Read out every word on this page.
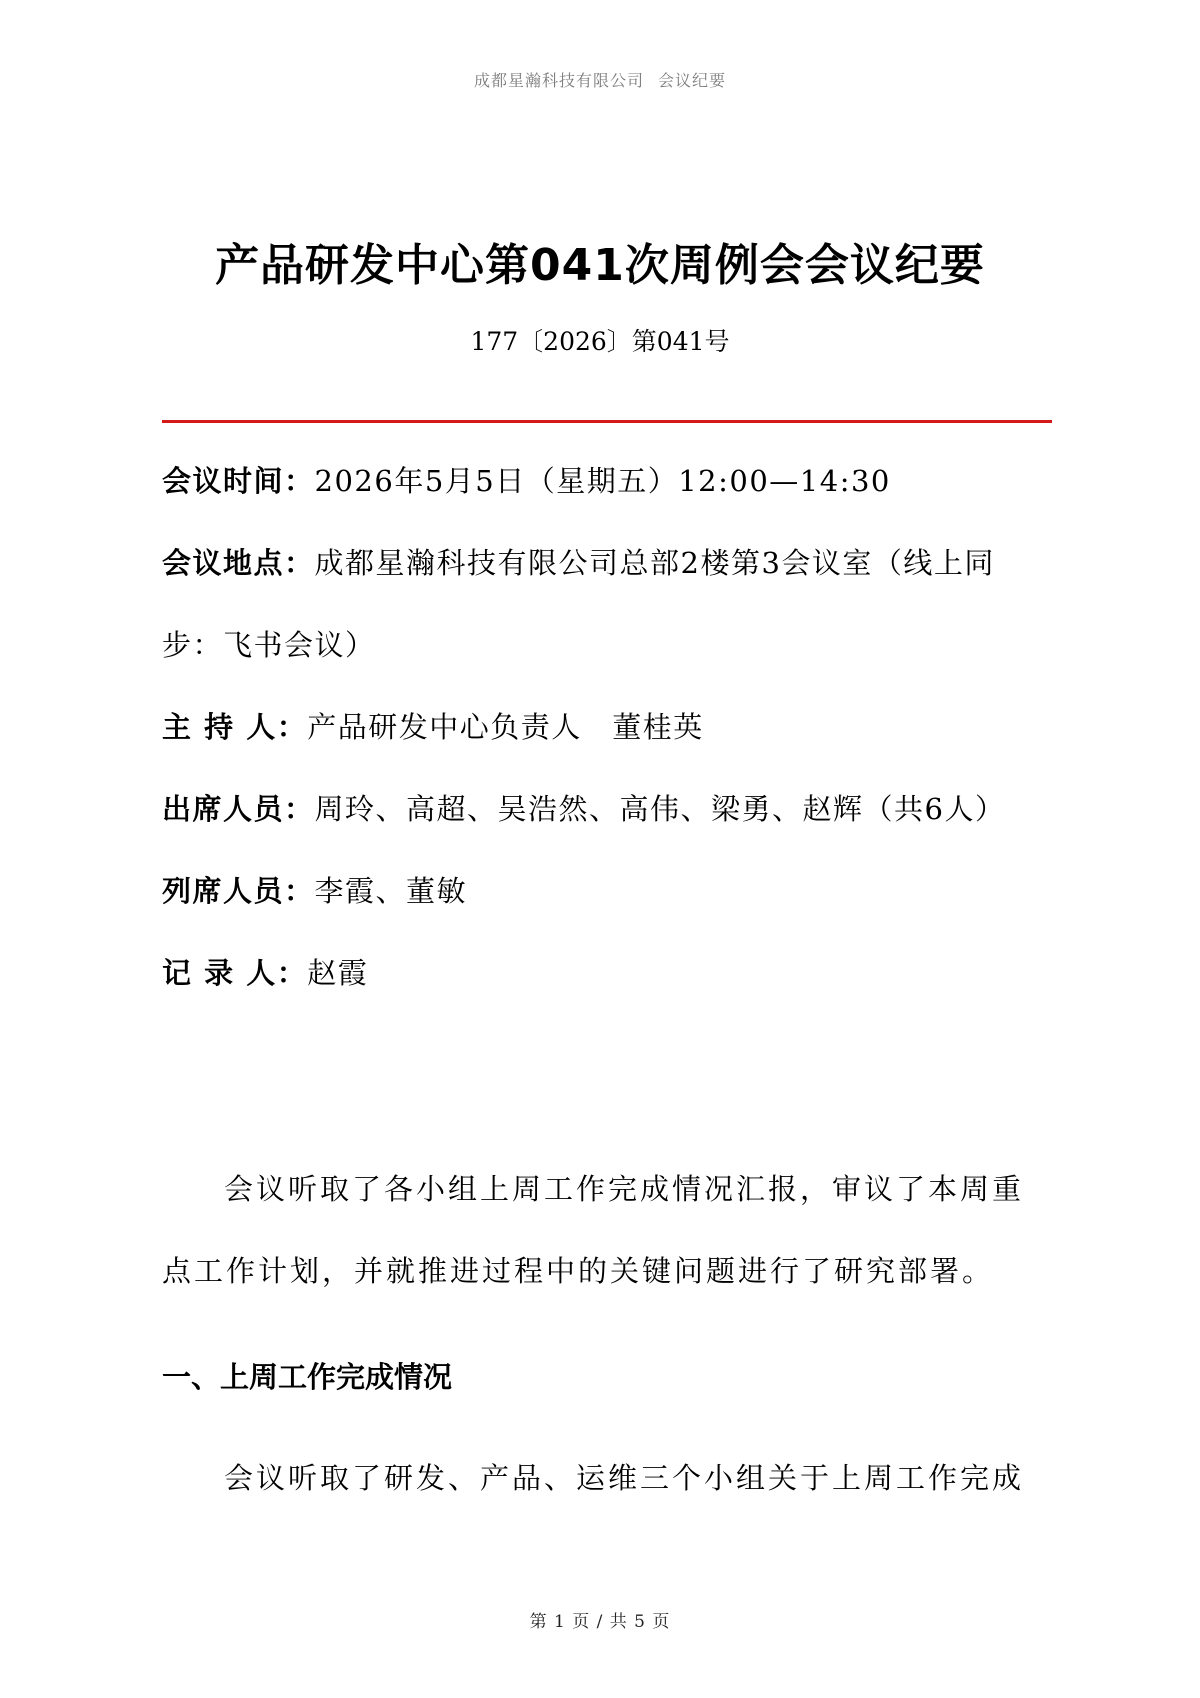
成都星瀚科技有限公司 会议纪要
产品研发中心第041次周例会会议纪要
177〔2026〕第041号

会议时间：2026年5月5日（星期五）12:00—14:30

会议地点：成都星瀚科技有限公司总部2楼第3会议室（线上同步：飞书会议）

主 持 人：产品研发中心负责人　董桂英

出席人员：周玲、高超、吴浩然、高伟、梁勇、赵辉（共6人）

列席人员：李霞、董敏

记 录 人：赵霞

会议听取了各小组上周工作完成情况汇报，审议了本周重点工作计划，并就推进过程中的关键问题进行了研究部署。

一、上周工作完成情况

会议听取了研发、产品、运维三个小组关于上周工作完成

第 1 页 / 共 5 页
